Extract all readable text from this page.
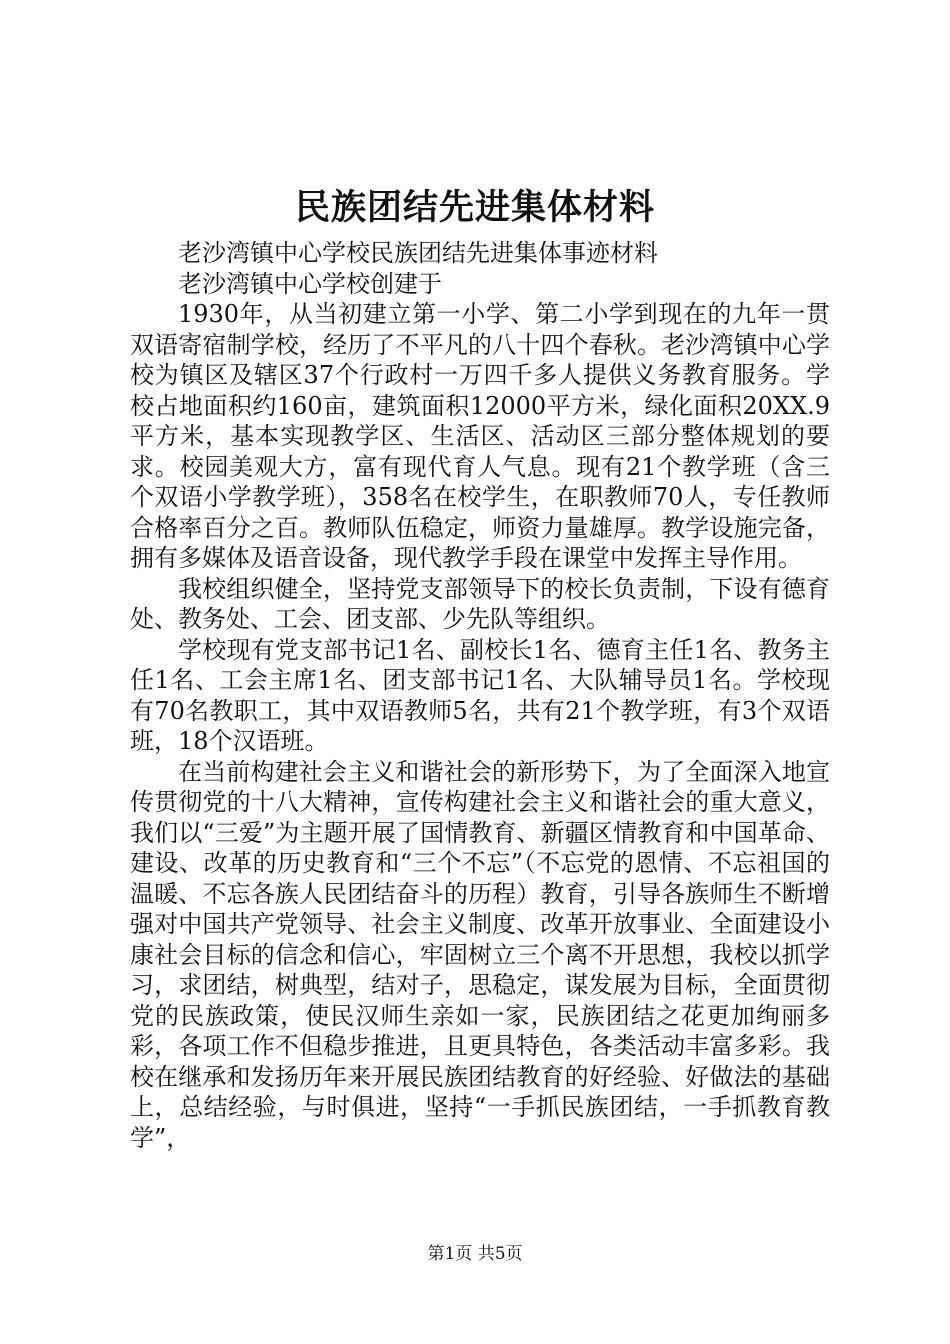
民族团结先进集体材料

老沙湾镇中心学校民族团结先进集体事迹材料

老沙湾镇中心学校创建于

1930年，从当初建立第一小学、第二小学到现在的九年一贯双语寄宿制学校，经历了不平凡的八十四个春秋。老沙湾镇中心学校为镇区及辖区37个行政村一万四千多人提供义务教育服务。学校占地面积约160亩，建筑面积12000平方米，绿化面积20XX.9平方米，基本实现教学区、生活区、活动区三部分整体规划的要求。校园美观大方，富有现代育人气息。现有21个教学班（含三个双语小学教学班），358名在校学生，在职教师70人，专任教师合格率百分之百。教师队伍稳定，师资力量雄厚。教学设施完备，拥有多媒体及语音设备，现代教学手段在课堂中发挥主导作用。

我校组织健全，坚持党支部领导下的校长负责制，下设有德育处、教务处、工会、团支部、少先队等组织。

学校现有党支部书记1名、副校长1名、德育主任1名、教务主任1名、工会主席1名、团支部书记1名、大队辅导员1名。学校现有70名教职工，其中双语教师5名，共有21个教学班，有3个双语班，18个汉语班。

在当前构建社会主义和谐社会的新形势下，为了全面深入地宣传贯彻党的十八大精神，宣传构建社会主义和谐社会的重大意义，我们以“三爱”为主题开展了国情教育、新疆区情教育和中国革命、建设、改革的历史教育和“三个不忘”（不忘党的恩情、不忘祖国的温暖、不忘各族人民团结奋斗的历程）教育，引导各族师生不断增强对中国共产党领导、社会主义制度、改革开放事业、全面建设小康社会目标的信念和信心，牢固树立三个离不开思想，我校以抓学习，求团结，树典型，结对子，思稳定，谋发展为目标，全面贯彻党的民族政策，使民汉师生亲如一家，民族团结之花更加绚丽多彩，各项工作不但稳步推进，且更具特色，各类活动丰富多彩。我校在继承和发扬历年来开展民族团结教育的好经验、好做法的基础上，总结经验，与时俱进，坚持“一手抓民族团结，一手抓教育教学”，

第1页 共5页
